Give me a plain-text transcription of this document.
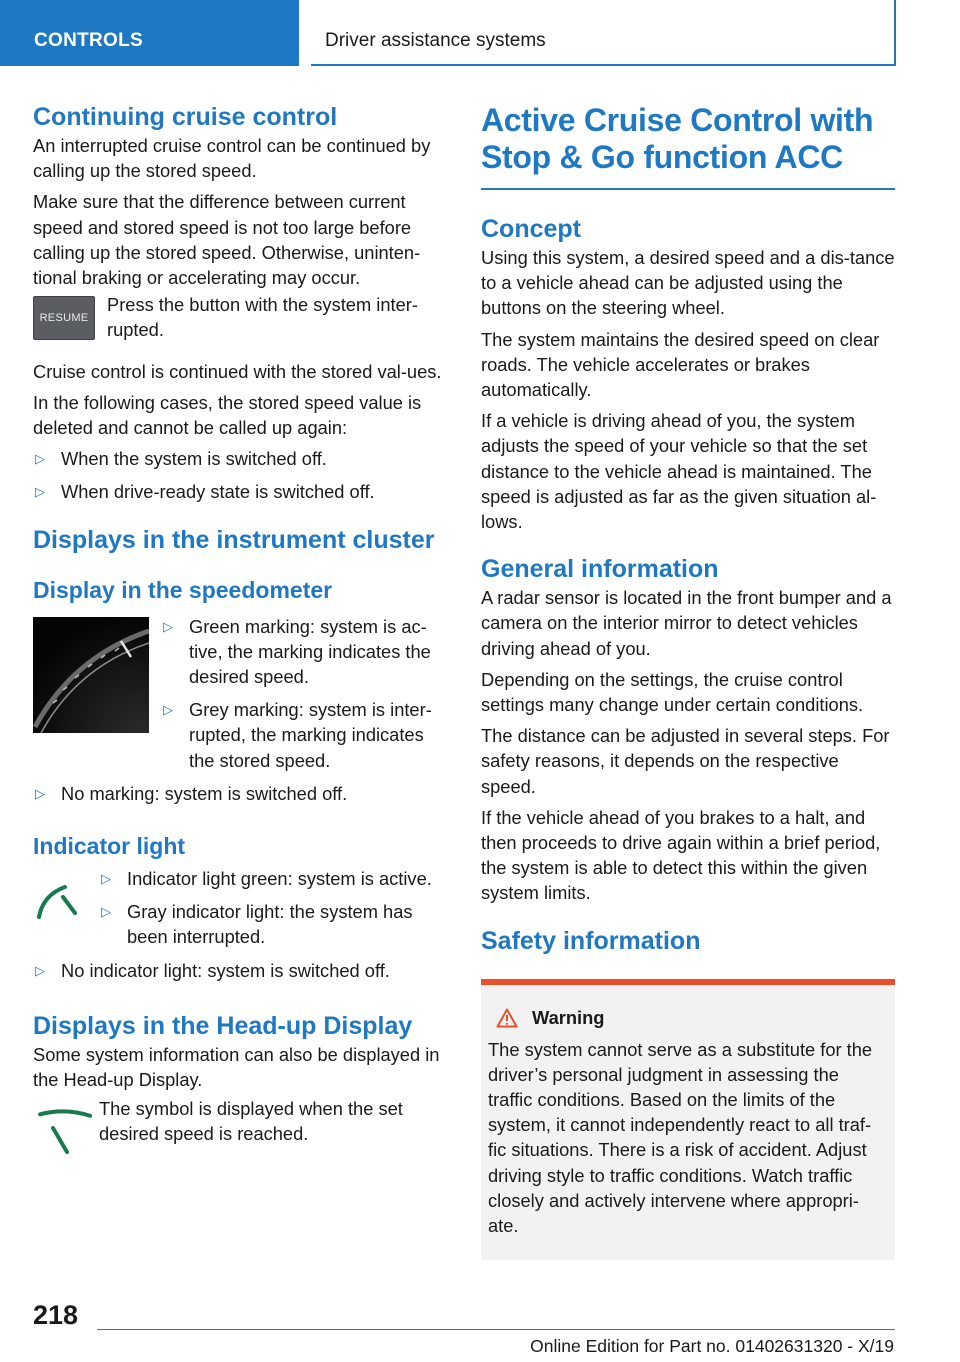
CONTROLS	Driver assistance systems
Continuing cruise control

An interrupted cruise control can be continued by calling up the stored speed.

Make sure that the difference between current speed and stored speed is not too large before calling up the stored speed. Otherwise, uninten-tional braking or accelerating may occur.

RESUME

Press the button with the system inter-rupted.

Cruise control is continued with the stored val-ues.

In the following cases, the stored speed value is deleted and cannot be called up again:

▷ When the system is switched off.
▷ When drive-ready state is switched off.
Displays in the instrument cluster
Display in the speedometer
▷ Green marking: system is ac-tive, the marking indicates the desired speed.
▷ Grey marking: system is inter-rupted, the marking indicates the stored speed.
▷ No marking: system is switched off.
Indicator light
▷ Indicator light green: system is active.
▷ Gray indicator light: the system has been interrupted.
▷ No indicator light: system is switched off.
Displays in the Head-up Display

Some system information can also be displayed in the Head-up Display.

The symbol is displayed when the set desired speed is reached.

Active Cruise Control with Stop & Go function ACC
Concept

Using this system, a desired speed and a dis-tance to a vehicle ahead can be adjusted using the buttons on the steering wheel.

The system maintains the desired speed on clear roads. The vehicle accelerates or brakes automatically.

If a vehicle is driving ahead of you, the system adjusts the speed of your vehicle so that the set distance to the vehicle ahead is maintained. The speed is adjusted as far as the given situation al-lows.

General information

A radar sensor is located in the front bumper and a camera on the interior mirror to detect vehicles driving ahead of you.

Depending on the settings, the cruise control settings many change under certain conditions.

The distance can be adjusted in several steps. For safety reasons, it depends on the respective speed.

If the vehicle ahead of you brakes to a halt, and then proceeds to drive again within a brief period, the system is able to detect this within the given system limits.

Safety information
Warning

The system cannot serve as a substitute for the driver’s personal judgment in assessing the traffic conditions. Based on the limits of the system, it cannot independently react to all traf-fic situations. There is a risk of accident. Adjust driving style to traffic conditions. Watch traffic closely and actively intervene where appropri-ate.

218
Online Edition for Part no. 01402631320 - X/19
